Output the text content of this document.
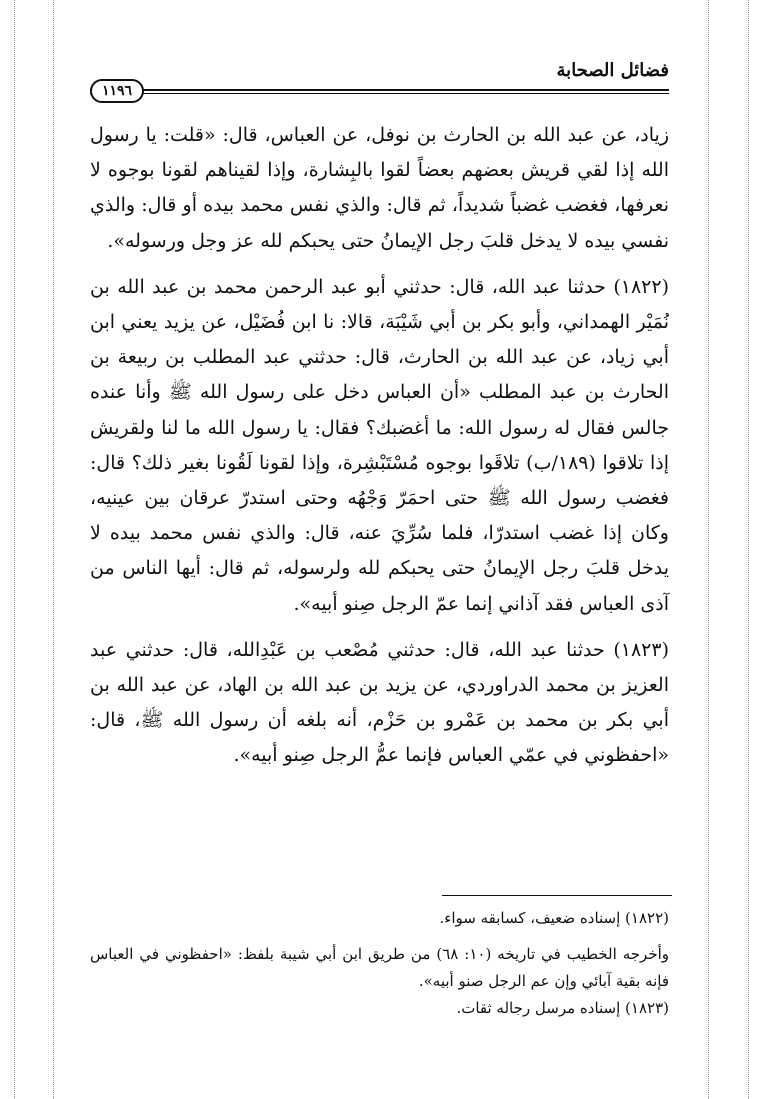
فضائل الصحابة
١١٩٦

زياد، عن عبد الله بن الحارث بن نوفل، عن العباس، قال: «قلت: يا رسول الله إذا لقي قريش بعضهم بعضاً لقوا بالبِشارة، وإذا لقيناهم لقونا بوجوه لا نعرفها، فغضب غضباً شديداً، ثم قال: والذي نفس محمد بيده أو قال: والذي نفسي بيده لا يدخل قلبَ رجل الإيمانُ حتى يحبكم لله عز وجل ورسوله».

(١٨٢٢) حدثنا عبد الله، قال: حدثني أبو عبد الرحمن محمد بن عبد الله بن نُمَيْر الهمداني، وأبو بكر بن أبي شَيْبَة، قالا: نا ابن فُضَيْل، عن يزيد يعني ابن أبي زياد، عن عبد الله بن الحارث، قال: حدثني عبد المطلب بن ربيعة بن الحارث بن عبد المطلب «أن العباس دخل على رسول الله ﷺ وأنا عنده جالس فقال له رسول الله: ما أغضبك؟ فقال: يا رسول الله ما لنا ولقريش إذا تلاقوا (١٨٩/ب) تلاقَوا بوجوه مُسْتَبْشِرة، وإذا لقونا لَقُونا بغير ذلك؟ قال: فغضب رسول الله ﷺ حتى احمَرّ وَجْهُه وحتى استدرّ عرقان بين عينيه، وكان إذا غضب استدرّا، فلما سُرِّيَ عنه، قال: والذي نفس محمد بيده لا يدخل قلبَ رجل الإيمانُ حتى يحبكم لله ولرسوله، ثم قال: أيها الناس من آذى العباس فقد آذاني إنما عمّ الرجل صِنو أبيه».

(١٨٢٣) حدثنا عبد الله، قال: حدثني مُصْعب بن عَبْدِالله، قال: حدثني عبد العزيز بن محمد الدراوردي، عن يزيد بن عبد الله بن الهاد، عن عبد الله بن أبي بكر بن محمد بن عَمْرو بن حَزْم، أنه بلغه أن رسول الله ﷺ، قال: «احفظوني في عمّي العباس فإنما عمُّ الرجل صِنو أبيه».

(١٨٢٢) إسناده ضعيف، كسابقه سواء.

وأخرجه الخطيب في تاريخه (١٠: ٦٨) من طريق ابن أبي شيبة بلفظ: «احفظوني في العباس فإنه بقية آبائي وإن عم الرجل صنو أبيه».

(١٨٢٣) إسناده مرسل رجاله ثقات.
